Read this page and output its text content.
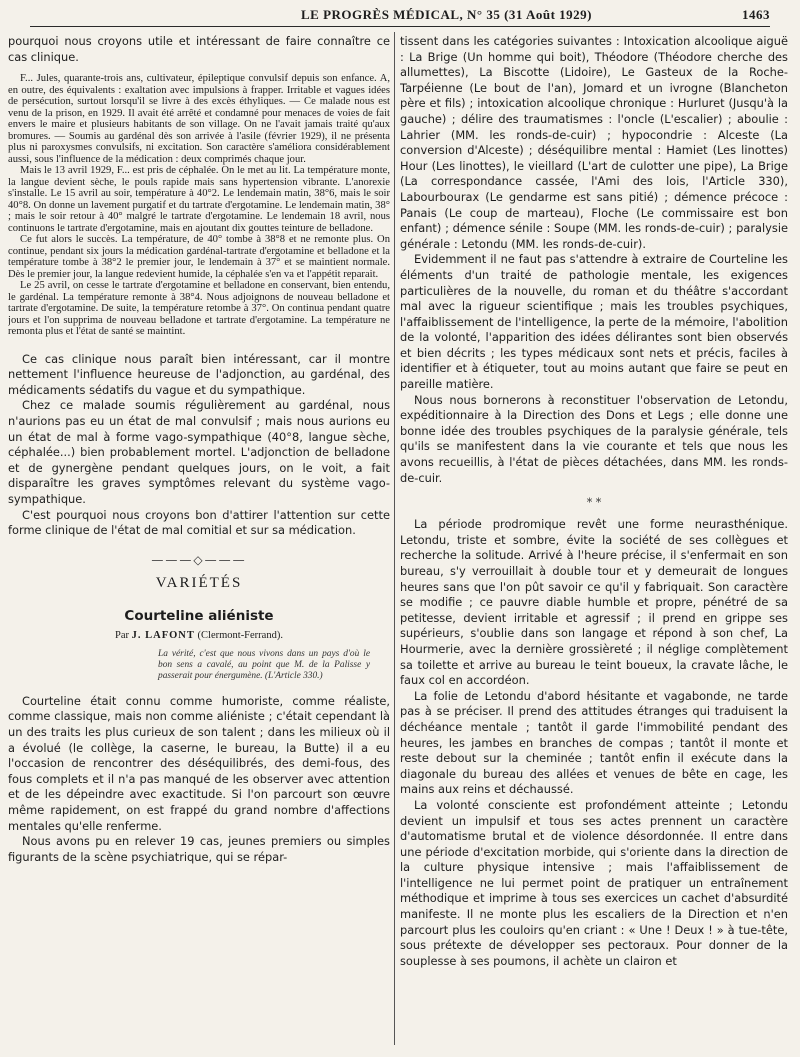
LE PROGRÈS MÉDICAL, N° 35 (31 Août 1929)	1463

pourquoi nous croyons utile et intéressant de faire connaître ce cas clinique.

F... Jules, quarante-trois ans, cultivateur, épileptique convulsif depuis son enfance. A, en outre, des équivalents : exaltation avec impulsions à frapper. Irritable et vagues idées de persécution, surtout lorsqu'il se livre à des excès éthyliques. — Ce malade nous est venu de la prison, en 1929. Il avait été arrêté et condamné pour menaces de voies de fait envers le maire et plusieurs habitants de son village. On ne l'avait jamais traité qu'aux bromures. — Soumis au gardénal dès son arrivée à l'asile (février 1929), il ne présenta plus ni paroxysmes convulsifs, ni excitation. Son caractère s'améliora considérablement aussi, sous l'influence de la médication : deux comprimés chaque jour.

Mais le 13 avril 1929, F... est pris de céphalée. On le met au lit. La température monte, la langue devient sèche, le pouls rapide mais sans hypertension vibrante. L'anorexie s'installe. Le 15 avril au soir, température à 40°2. Le lendemain matin, 38°6, mais le soir 40°8. On donne un lavement purgatif et du tartrate d'ergotamine. Le lendemain matin, 38° ; mais le soir retour à 40° malgré le tartrate d'ergotamine. Le lendemain 18 avril, nous continuons le tartrate d'ergotamine, mais en ajoutant dix gouttes teinture de belladone.

Ce fut alors le succès. La température, de 40° tombe à 38°8 et ne remonte plus. On continue, pendant six jours la médication gardénal-tartrate d'ergotamine et belladone et la température tombe à 38°2 le premier jour, le lendemain à 37° et se maintient normale. Dès le premier jour, la langue redevient humide, la céphalée s'en va et l'appétit reparait.

Le 25 avril, on cesse le tartrate d'ergotamine et belladone en conservant, bien entendu, le gardénal. La température remonte à 38°4. Nous adjoignons de nouveau belladone et tartrate d'ergotamine. De suite, la température retombe à 37°. On continua pendant quatre jours et l'on supprima de nouveau belladone et tartrate d'ergotamine. La température ne remonta plus et l'état de santé se maintint.

Ce cas clinique nous paraît bien intéressant, car il montre nettement l'influence heureuse de l'adjonction, au gardénal, des médicaments sédatifs du vague et du sympathique.

Chez ce malade soumis régulièrement au gardénal, nous n'aurions pas eu un état de mal convulsif ; mais nous aurions eu un état de mal à forme vago-sympathique (40°8, langue sèche, céphalée...) bien probablement mortel. L'adjonction de belladone et de gynergène pendant quelques jours, on le voit, a fait disparaître les graves symptômes relevant du système vago-sympathique.

C'est pourquoi nous croyons bon d'attirer l'attention sur cette forme clinique de l'état de mal comitial et sur sa médication.

———◇———
VARIÉTÉS
Courteline aliéniste
Par J. LAFONT (Clermont-Ferrand).

La vérité, c'est que nous vivons dans un pays d'où le bon sens a cavalé, au point que M. de la Palisse y passerait pour énergumène. (L'Article 330.)

Courteline était connu comme humoriste, comme réaliste, comme classique, mais non comme aliéniste ; c'était cependant là un des traits les plus curieux de son talent ; dans les milieux où il a évolué (le collège, la caserne, le bureau, la Butte) il a eu l'occasion de rencontrer des déséquilibrés, des demi-fous, des fous complets et il n'a pas manqué de les observer avec attention et de les dépeindre avec exactitude. Si l'on parcourt son œuvre même rapidement, on est frappé du grand nombre d'affections mentales qu'elle renferme.

Nous avons pu en relever 19 cas, jeunes premiers ou simples figurants de la scène psychiatrique, qui se répar-

tissent dans les catégories suivantes : Intoxication alcoolique aiguë : La Brige (Un homme qui boit), Théodore (Théodore cherche des allumettes), La Biscotte (Lidoire), Le Gasteux de la Roche-Tarpéienne (Le bout de l'an), Jomard et un ivrogne (Blancheton père et fils) ; intoxication alcoolique chronique : Hurluret (Jusqu'à la gauche) ; délire des traumatismes : l'oncle (L'escalier) ; aboulie : Lahrier (MM. les ronds-de-cuir) ; hypocondrie : Alceste (La conversion d'Alceste) ; déséquilibre mental : Hamiet (Les linottes) Hour (Les linottes), le vieillard (L'art de culotter une pipe), La Brige (La correspondance cassée, l'Ami des lois, l'Article 330), Labourbourax (Le gendarme est sans pitié) ; démence précoce : Panais (Le coup de marteau), Floche (Le commissaire est bon enfant) ; démence sénile : Soupe (MM. les ronds-de-cuir) ; paralysie générale : Letondu (MM. les ronds-de-cuir).

Evidemment il ne faut pas s'attendre à extraire de Courteline les éléments d'un traité de pathologie mentale, les exigences particulières de la nouvelle, du roman et du théâtre s'accordant mal avec la rigueur scientifique ; mais les troubles psychiques, l'affaiblissement de l'intelligence, la perte de la mémoire, l'abolition de la volonté, l'apparition des idées délirantes sont bien observés et bien décrits ; les types médicaux sont nets et précis, faciles à identifier et à étiqueter, tout au moins autant que faire se peut en pareille matière.

Nous nous bornerons à reconstituer l'observation de Letondu, expéditionnaire à la Direction des Dons et Legs ; elle donne une bonne idée des troubles psychiques de la paralysie générale, tels qu'ils se manifestent dans la vie courante et tels que nous les avons recueillis, à l'état de pièces détachées, dans MM. les ronds-de-cuir.

* *

La période prodromique revêt une forme neurasthénique. Letondu, triste et sombre, évite la société de ses collègues et recherche la solitude. Arrivé à l'heure précise, il s'enfermait en son bureau, s'y verrouillait à double tour et y demeurait de longues heures sans que l'on pût savoir ce qu'il y fabriquait. Son caractère se modifie ; ce pauvre diable humble et propre, pénétré de sa petitesse, devient irritable et agressif ; il prend en grippe ses supérieurs, s'oublie dans son langage et répond à son chef, La Hourmerie, avec la dernière grossièreté ; il néglige complètement sa toilette et arrive au bureau le teint boueux, la cravate lâche, le faux col en accordéon.

La folie de Letondu d'abord hésitante et vagabonde, ne tarde pas à se préciser. Il prend des attitudes étranges qui traduisent la déchéance mentale ; tantôt il garde l'immobilité pendant des heures, les jambes en branches de compas ; tantôt il monte et reste debout sur la cheminée ; tantôt enfin il exécute dans la diagonale du bureau des allées et venues de bête en cage, les mains aux reins et déchaussé.

La volonté consciente est profondément atteinte ; Letondu devient un impulsif et tous ses actes prennent un caractère d'automatisme brutal et de violence désordonnée. Il entre dans une période d'excitation morbide, qui s'oriente dans la direction de la culture physique intensive ; mais l'affaiblissement de l'intelligence ne lui permet point de pratiquer un entraînement méthodique et imprime à tous ses exercices un cachet d'absurdité manifeste. Il ne monte plus les escaliers de la Direction et n'en parcourt plus les couloirs qu'en criant : « Une ! Deux ! » à tue-tête, sous prétexte de développer ses pectoraux. Pour donner de la souplesse à ses poumons, il achète un clairon et
